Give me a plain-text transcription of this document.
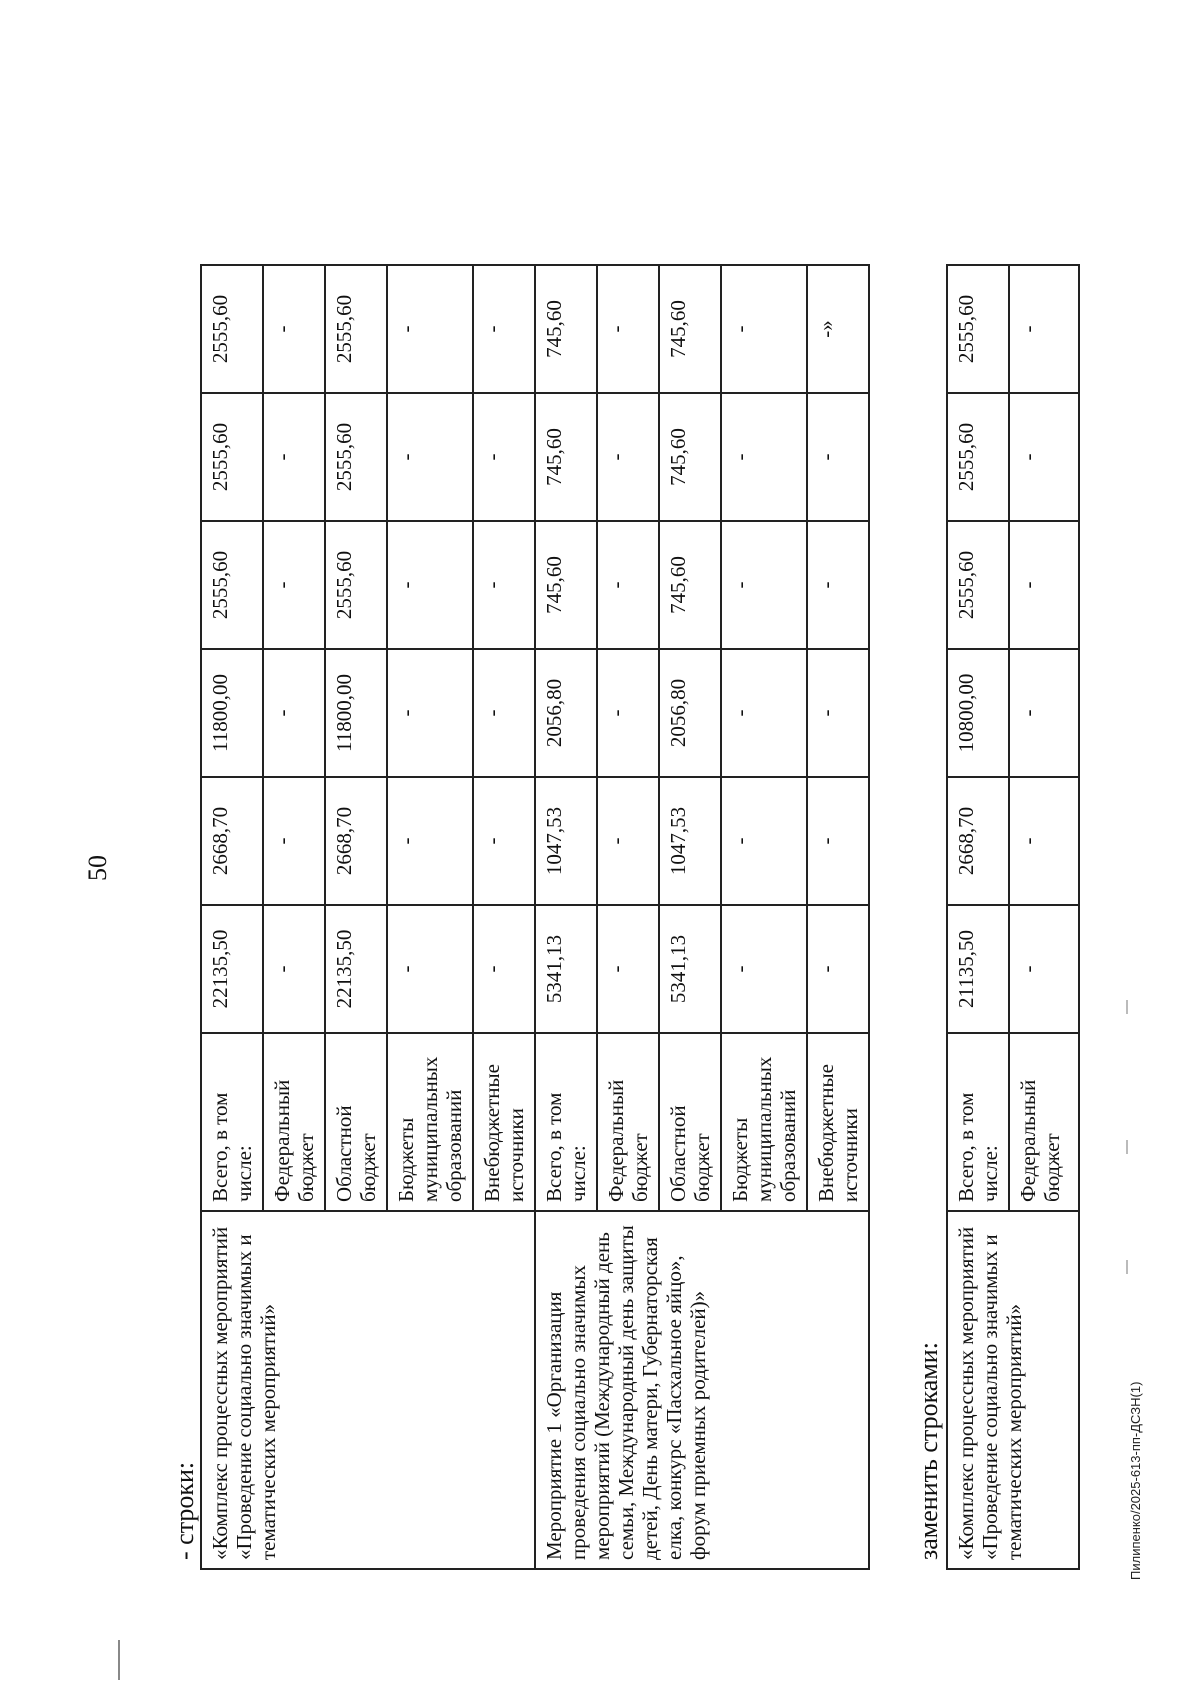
50
- строки: «Комплекс процессных мероприятий «Проведение социально значимых и тематических мероприятий»	Всего, в том числе:	22135,50	2668,70	11800,00	2555,60	2555,60	2555,60
	Федеральный бюджет	-	-	-	-	-	-
	Областной бюджет	22135,50	2668,70	11800,00	2555,60	2555,60	2555,60
	Бюджеты муниципальных образований	-	-	-	-	-	-
	Внебюджетные источники	-	-	-	-	-	-
Мероприятие 1 «Организация проведения социально значимых мероприятий (Международный день семьи, Международный день защиты детей, День матери, Губернаторская елка, конкурс «Пасхальное яйцо», форум приемных родителей)»	Всего, в том числе:	5341,13	1047,53	2056,80	745,60	745,60	745,60
	Федеральный бюджет	-	-	-	-	-	-
	Областной бюджет	5341,13	1047,53	2056,80	745,60	745,60	745,60
	Бюджеты муниципальных образований	-	-	-	-	-	-
	Внебюджетные источники	-	-	-	-	-	-»
заменить строками: «Комплекс процессных мероприятий «Проведение социально значимых и тематических мероприятий»	Всего, в том числе:	21135,50	2668,70	10800,00	2555,60	2555,60	2555,60
	Федеральный бюджет	-	-	-	-	-	-
Пилипенко/2025-613-пп-ДСЗН(1)
